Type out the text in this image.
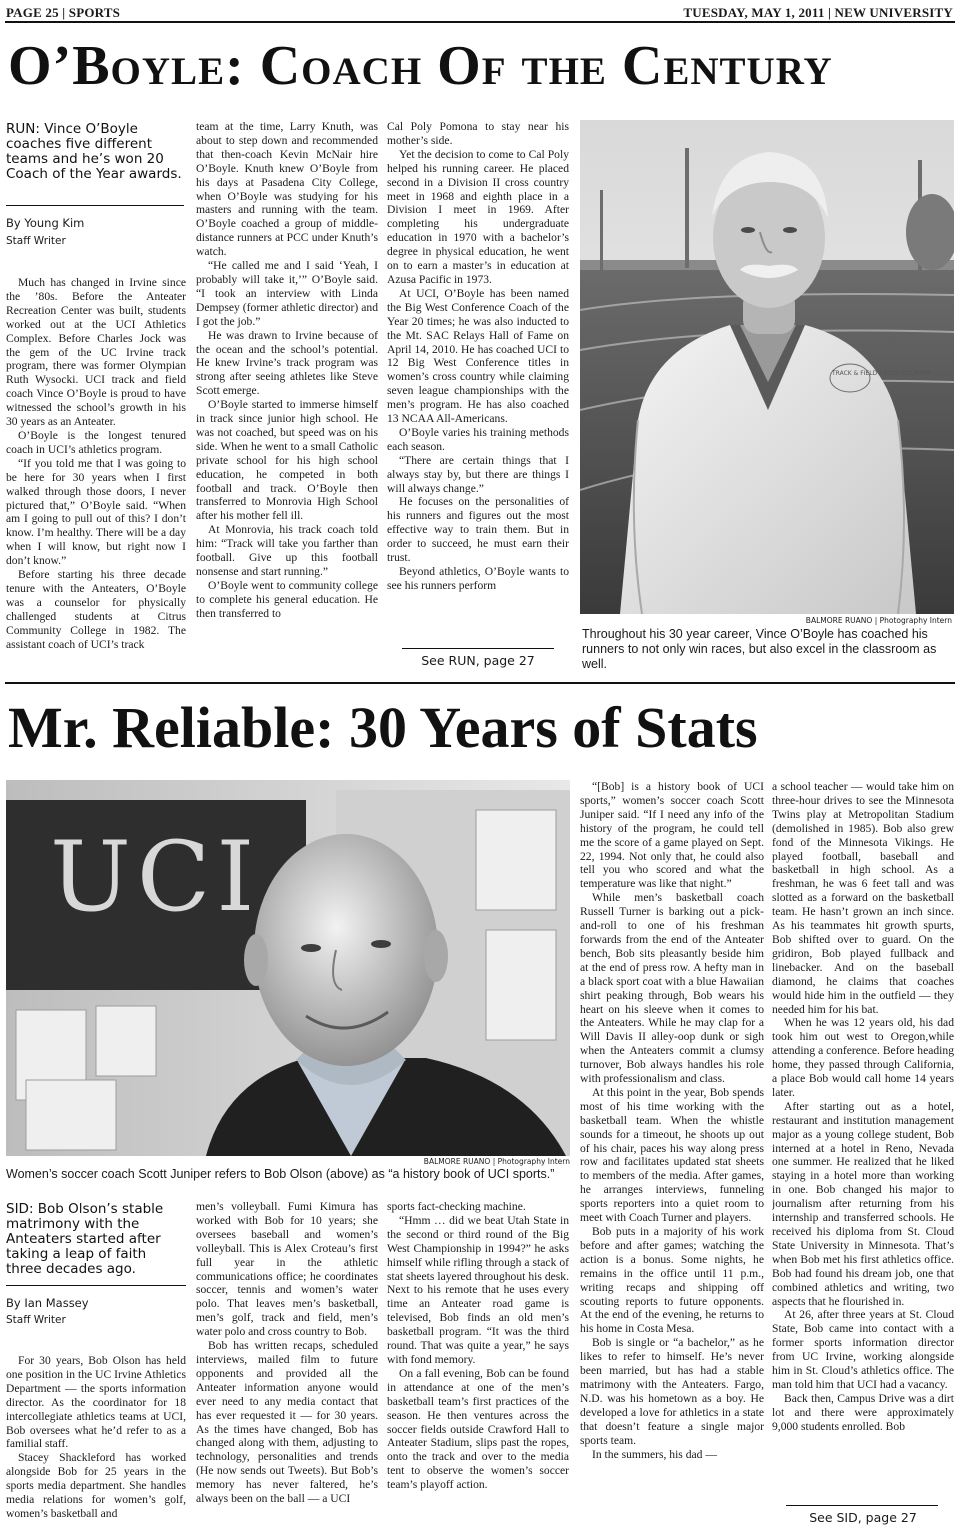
PAGE 25 | SPORTS	TUESDAY, MAY 1, 2011 | NEW UNIVERSITY
O’Boyle: Coach Of the Century
RUN: Vince O’Boyle coaches five different teams and he’s won 20 Coach of the Year awards.
By Young Kim
Staff Writer

Much has changed in Irvine since the ’80s. Before the Anteater Recreation Center was built, students worked out at the UCI Athletics Complex. Before Charles Jock was the gem of the UC Irvine track program, there was former Olympian Ruth Wysocki. UCI track and field coach Vince O’Boyle is proud to have witnessed the school’s growth in his 30 years as an Anteater.

O’Boyle is the longest tenured coach in UCI’s athletics program.

“If you told me that I was going to be here for 30 years when I first walked through those doors, I never pictured that,” O’Boyle said. “When am I going to pull out of this? I don’t know. I’m healthy. There will be a day when I will know, but right now I don’t know.”

Before starting his three decade tenure with the Anteaters, O’Boyle was a counselor for physically challenged students at Citrus Community College in 1982. The assistant coach of UCI’s track

team at the time, Larry Knuth, was about to step down and recommended that then-coach Kevin McNair hire O’Boyle. Knuth knew O’Boyle from his days at Pasadena City College, when O’Boyle was studying for his masters and running with the team. O’Boyle coached a group of middle-distance runners at PCC under Knuth’s watch.

“He called me and I said ‘Yeah, I probably will take it,’” O’Boyle said. “I took an interview with Linda Dempsey (former athletic director) and I got the job.”

He was drawn to Irvine because of the ocean and the school’s potential. He knew Irvine’s track program was strong after seeing athletes like Steve Scott emerge.

O’Boyle started to immerse himself in track since junior high school. He was not coached, but speed was on his side. When he went to a small Catholic private school for his high school education, he competed in both football and track. O’Boyle then transferred to Monrovia High School after his mother fell ill.

At Monrovia, his track coach told him: “Track will take you farther than football. Give up this football nonsense and start running.”

O’Boyle went to community college to complete his general education. He then transferred to

Cal Poly Pomona to stay near his mother’s side.

Yet the decision to come to Cal Poly helped his running career. He placed second in a Division II cross country meet in 1968 and eighth place in a Division I meet in 1969. After completing his undergraduate education in 1970 with a bachelor’s degree in physical education, he went on to earn a master’s in education at Azusa Pacific in 1973.

At UCI, O’Boyle has been named the Big West Conference Coach of the Year 20 times; he was also inducted to the Mt. SAC Relays Hall of Fame on April 14, 2010. He has coached UCI to 12 Big West Conference titles in women’s cross country while claiming seven league championships with the men’s program. He has also coached 13 NCAA All-Americans.

O’Boyle varies his training methods each season.

“There are certain things that I always stay by, but there are things I will always change.”

He focuses on the personalities of his runners and figures out the most effective way to train them. But in order to succeed, he must earn their trust.

Beyond athletics, O’Boyle wants to see his runners perform

See RUN, page 27
TRACK & FIELD CROSS COUNTRY
BALMORE RUANO | Photography Intern
Throughout his 30 year career, Vince O’Boyle has coached his runners to not only win races, but also excel in the classroom as well.
Mr. Reliable: 30 Years of Stats
UCI
BALMORE RUANO | Photography Intern
Women’s soccer coach Scott Juniper refers to Bob Olson (above) as “a history book of UCI sports.”
SID: Bob Olson’s stable matrimony with the Anteaters started after taking a leap of faith three decades ago.
By Ian Massey
Staff Writer

For 30 years, Bob Olson has held one position in the UC Irvine Athletics Department — the sports information director. As the coordinator for 18 intercollegiate athletics teams at UCI, Bob oversees what he’d refer to as a familial staff.

Stacey Shackleford has worked alongside Bob for 25 years in the sports media department. She handles media relations for women’s golf, women’s basketball and

men’s volleyball. Fumi Kimura has worked with Bob for 10 years; she oversees baseball and women’s volleyball. This is Alex Croteau’s first full year in the athletic communications office; he coordinates soccer, tennis and women’s water polo. That leaves men’s basketball, men’s golf, track and field, men’s water polo and cross country to Bob.

Bob has written recaps, scheduled interviews, mailed film to future opponents and provided all the Anteater information anyone would ever need to any media contact that has ever requested it — for 30 years. As the times have changed, Bob has changed along with them, adjusting to technology, personalities and trends (He now sends out Tweets). But Bob’s memory has never faltered, he’s always been on the ball — a UCI

sports fact-checking machine.

“Hmm … did we beat Utah State in the second or third round of the Big West Championship in 1994?” he asks himself while rifling through a stack of stat sheets layered throughout his desk. Next to his remote that he uses every time an Anteater road game is televised, Bob finds an old men’s basketball program. “It was the third round. That was quite a year,” he says with fond memory.

On a fall evening, Bob can be found in attendance at one of the men’s basketball team’s first practices of the season. He then ventures across the soccer fields outside Crawford Hall to Anteater Stadium, slips past the ropes, onto the track and over to the media tent to observe the women’s soccer team’s playoff action.

“[Bob] is a history book of UCI sports,” women’s soccer coach Scott Juniper said. “If I need any info of the history of the program, he could tell me the score of a game played on Sept. 22, 1994. Not only that, he could also tell you who scored and what the temperature was like that night.”

While men’s basketball coach Russell Turner is barking out a pick-and-roll to one of his freshman forwards from the end of the Anteater bench, Bob sits pleasantly beside him at the end of press row. A hefty man in a black sport coat with a blue Hawaiian shirt peaking through, Bob wears his heart on his sleeve when it comes to the Anteaters. While he may clap for a Will Davis II alley-oop dunk or sigh when the Anteaters commit a clumsy turnover, Bob always handles his role with professionalism and class.

At this point in the year, Bob spends most of his time working with the basketball team. When the whistle sounds for a timeout, he shoots up out of his chair, paces his way along press row and facilitates updated stat sheets to members of the media. After games, he arranges interviews, funneling sports reporters into a quiet room to meet with Coach Turner and players.

Bob puts in a majority of his work before and after games; watching the action is a bonus. Some nights, he remains in the office until 11 p.m., writing recaps and shipping off scouting reports to future opponents. At the end of the evening, he returns to his home in Costa Mesa.

Bob is single or “a bachelor,” as he likes to refer to himself. He’s never been married, but has had a stable matrimony with the Anteaters. Fargo, N.D. was his hometown as a boy. He developed a love for athletics in a state that doesn’t feature a single major sports team.

In the summers, his dad —

a school teacher — would take him on three-hour drives to see the Minnesota Twins play at Metropolitan Stadium (demolished in 1985). Bob also grew fond of the Minnesota Vikings. He played football, baseball and basketball in high school. As a freshman, he was 6 feet tall and was slotted as a forward on the basketball team. He hasn’t grown an inch since. As his teammates hit growth spurts, Bob shifted over to guard. On the gridiron, Bob played fullback and linebacker. And on the baseball diamond, he claims that coaches would hide him in the outfield — they needed him for his bat.

When he was 12 years old, his dad took him out west to Oregon,while attending a conference. Before heading home, they passed through California, a place Bob would call home 14 years later.

After starting out as a hotel, restaurant and institution management major as a young college student, Bob interned at a hotel in Reno, Nevada one summer. He realized that he liked staying in a hotel more than working in one. Bob changed his major to journalism after returning from his internship and transferred schools. He received his diploma from St. Cloud State University in Minnesota. That’s when Bob met his first athletics office. Bob had found his dream job, one that combined athletics and writing, two aspects that he flourished in.

At 26, after three years at St. Cloud State, Bob came into contact with a former sports information director from UC Irvine, working alongside him in St. Cloud’s athletics office. The man told him that UCI had a vacancy.

Back then, Campus Drive was a dirt lot and there were approximately 9,000 students enrolled. Bob

See SID, page 27
